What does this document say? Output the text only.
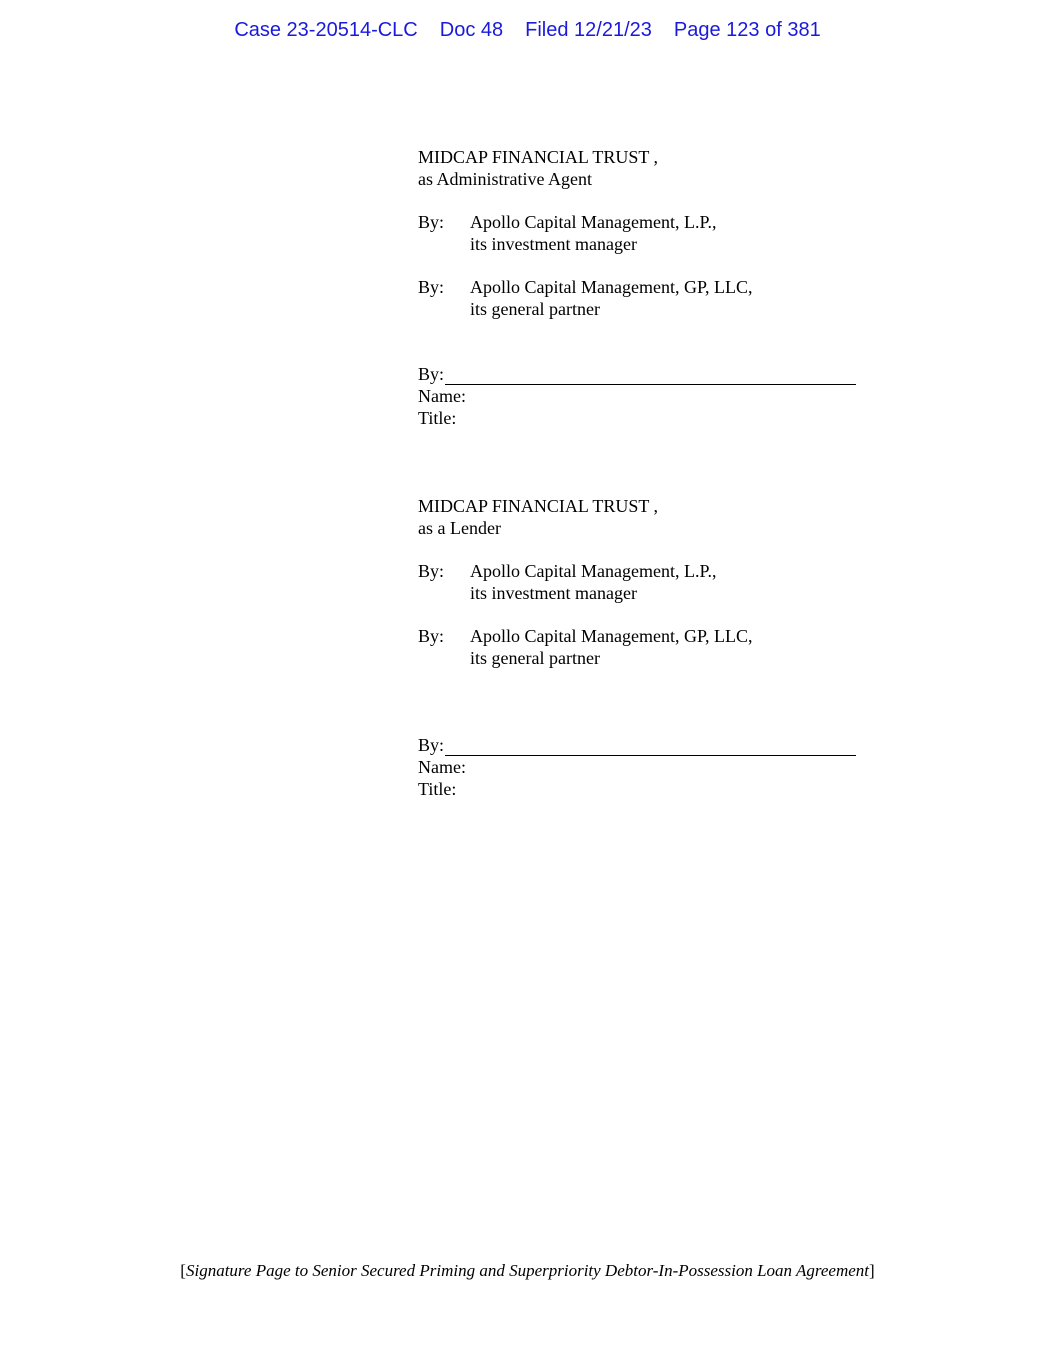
Case 23-20514-CLC Doc 48 Filed 12/21/23 Page 123 of 381
MIDCAP FINANCIAL TRUST ,
as Administrative Agent
By:	Apollo Capital Management, L.P.,
its investment manager
By:	Apollo Capital Management, GP, LLC,
its general partner
By:
Name:
Title:
MIDCAP FINANCIAL TRUST ,
as a Lender
By:	Apollo Capital Management, L.P.,
its investment manager
By:	Apollo Capital Management, GP, LLC,
its general partner
By:
Name:
Title:
[Signature Page to Senior Secured Priming and Superpriority Debtor-In-Possession Loan Agreement]
